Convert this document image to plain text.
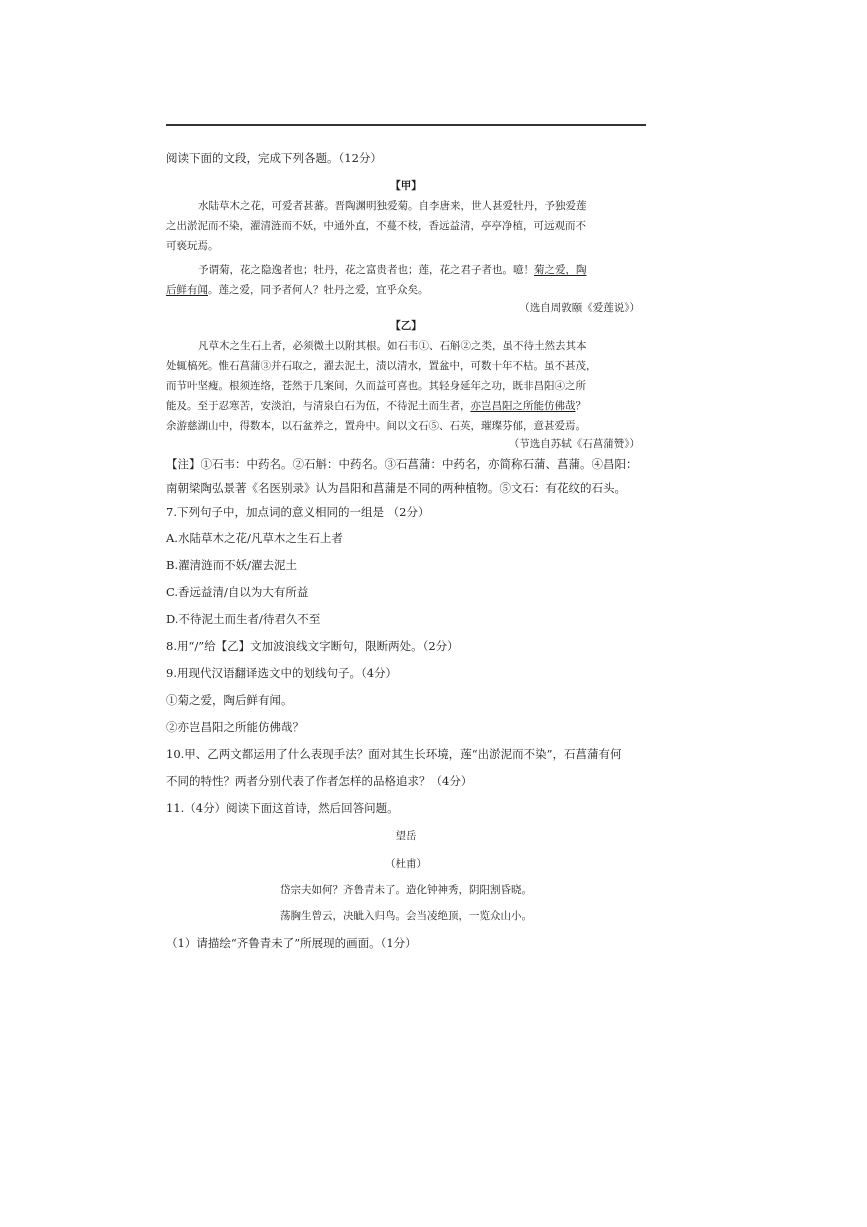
阅读下面的文段，完成下列各题。（12分）
【甲】
水陆草木之花，可爱者甚蕃。晋陶渊明独爱菊。自李唐来，世人甚爱牡丹，予独爱莲
之出淤泥而不染，濯清涟而不妖，中通外直，不蔓不枝，香远益清，亭亭净植，可远观而不
可亵玩焉。
予谓菊，花之隐逸者也；牡丹，花之富贵者也；莲，花之君子者也。噫！菊之爱，陶
后鲜有闻。莲之爱，同予者何人？牡丹之爱，宜乎众矣。
（选自周敦颐《爱莲说》）
【乙】
凡草木之生石上者，必须微土以附其根。如石韦①、石斛②之类，虽不待土然去其本
处辄槁死。惟石菖蒲③并石取之，濯去泥土，渍以清水，置盆中，可数十年不枯。虽不甚茂，
而节叶坚瘦。根须连络，苍然于几案间，久而益可喜也。其轻身延年之功，既非昌阳④之所
能及。至于忍寒苦，安淡泊，与清泉白石为伍，不待泥土而生者，亦岂昌阳之所能仿佛哉？
余游慈湖山中，得数本，以石盆养之，置舟中。间以文石⑤、石英，璀璨芬郁，意甚爱焉。
（节选自苏轼《石菖蒲赞》）
【注】①石韦：中药名。②石斛：中药名。③石菖蒲：中药名，亦简称石蒲、菖蒲。④昌阳：
南朝梁陶弘景著《名医别录》认为昌阳和菖蒲是不同的两种植物。⑤文石：有花纹的石头。
7.下列句子中，加点词的意义相同的一组是 （2分）
A.水陆草木之花/凡草木之生石上者
B.濯清涟而不妖/濯去泥土
C.香远益清/自以为大有所益
D.不待泥土而生者/待君久不至
8.用“/”给【乙】文加波浪线文字断句，限断两处。（2分）
9.用现代汉语翻译选文中的划线句子。（4分）
①菊之爱，陶后鲜有闻。
②亦岂昌阳之所能仿佛哉？
10.甲、乙两文都运用了什么表现手法？面对其生长环境，莲“出淤泥而不染”，石菖蒲有何
不同的特性？两者分别代表了作者怎样的品格追求？（4分）
11.（4分）阅读下面这首诗，然后回答问题。
望岳
（杜甫）
岱宗夫如何？齐鲁青未了。造化钟神秀，阴阳割昏晓。
荡胸生曾云，决眦入归鸟。会当凌绝顶，一览众山小。
（1）请描绘“齐鲁青未了”所展现的画面。（1分）
